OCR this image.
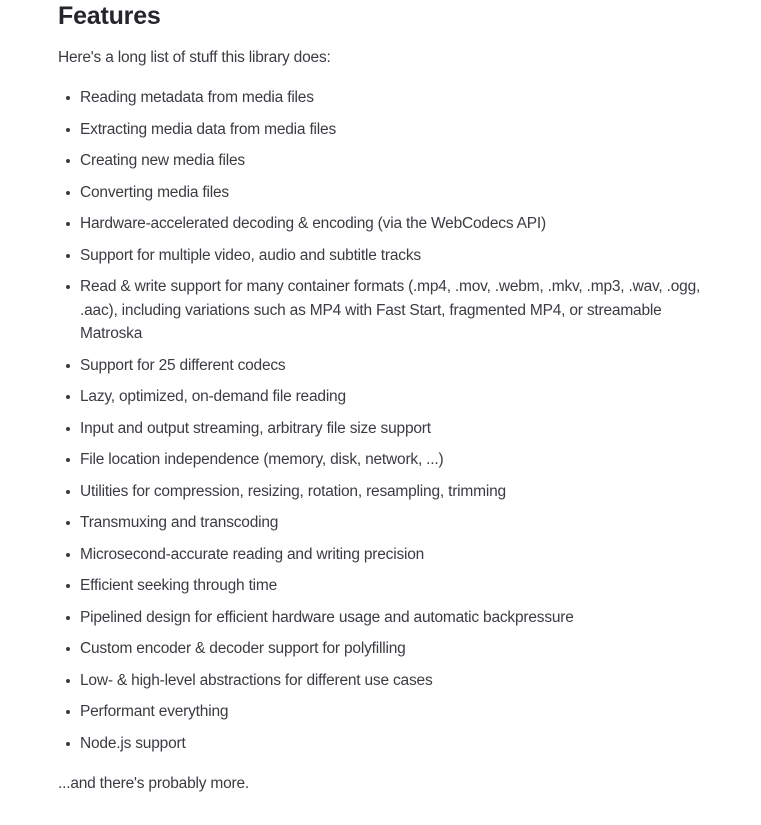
Features

Here's a long list of stuff this library does:

Reading metadata from media files
Extracting media data from media files
Creating new media files
Converting media files
Hardware-accelerated decoding & encoding (via the WebCodecs API)
Support for multiple video, audio and subtitle tracks
Read & write support for many container formats (.mp4, .mov, .webm, .mkv, .mp3, .wav, .ogg, .aac), including variations such as MP4 with Fast Start, fragmented MP4, or streamable Matroska
Support for 25 different codecs
Lazy, optimized, on-demand file reading
Input and output streaming, arbitrary file size support
File location independence (memory, disk, network, ...)
Utilities for compression, resizing, rotation, resampling, trimming
Transmuxing and transcoding
Microsecond-accurate reading and writing precision
Efficient seeking through time
Pipelined design for efficient hardware usage and automatic backpressure
Custom encoder & decoder support for polyfilling
Low- & high-level abstractions for different use cases
Performant everything
Node.js support

...and there's probably more.
